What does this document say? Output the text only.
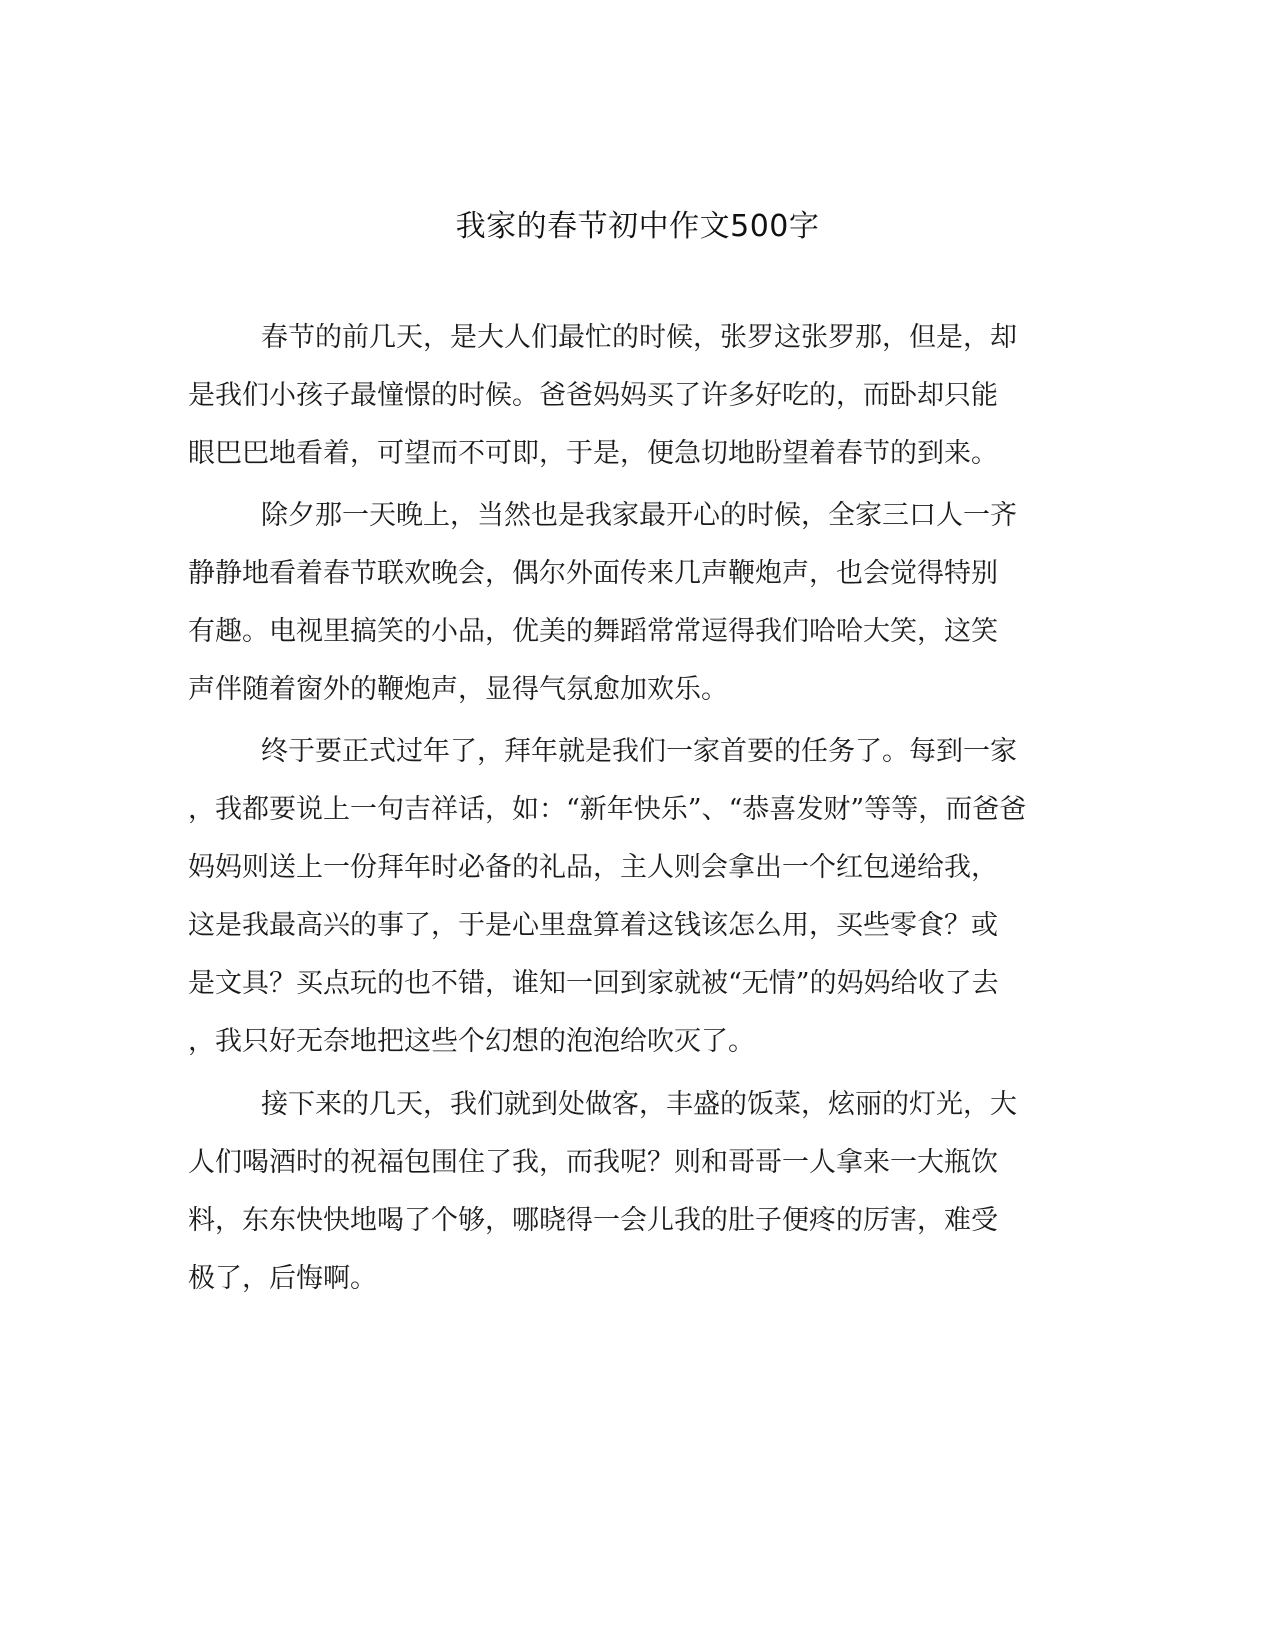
我家的春节初中作文500字
春节的前几天，是大人们最忙的时候，张罗这张罗那，但是，却
是我们小孩子最憧憬的时候。爸爸妈妈买了许多好吃的，而卧却只能
眼巴巴地看着，可望而不可即，于是，便急切地盼望着春节的到来。
除夕那一天晚上，当然也是我家最开心的时候，全家三口人一齐
静静地看着春节联欢晚会，偶尔外面传来几声鞭炮声，也会觉得特别
有趣。电视里搞笑的小品，优美的舞蹈常常逗得我们哈哈大笑，这笑
声伴随着窗外的鞭炮声，显得气氛愈加欢乐。
终于要正式过年了，拜年就是我们一家首要的任务了。每到一家
，我都要说上一句吉祥话，如：“新年快乐”、“恭喜发财”等等，而爸爸
妈妈则送上一份拜年时必备的礼品，主人则会拿出一个红包递给我，
这是我最高兴的事了，于是心里盘算着这钱该怎么用，买些零食？或
是文具？买点玩的也不错，谁知一回到家就被“无情”的妈妈给收了去
，我只好无奈地把这些个幻想的泡泡给吹灭了。
接下来的几天，我们就到处做客，丰盛的饭菜，炫丽的灯光，大
人们喝酒时的祝福包围住了我，而我呢？则和哥哥一人拿来一大瓶饮
料，东东快快地喝了个够，哪晓得一会儿我的肚子便疼的厉害，难受
极了，后悔啊。
